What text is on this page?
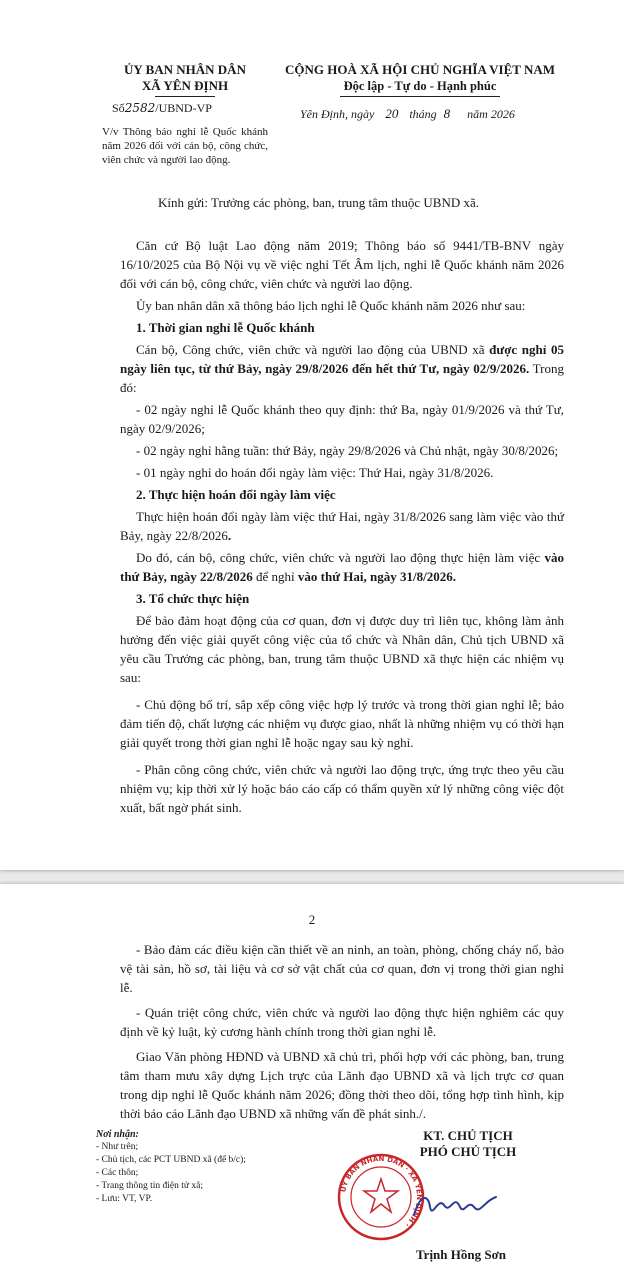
ỦY BAN NHÂN DÂN
XÃ YÊN ĐỊNH
CỘNG HOÀ XÃ HỘI CHỦ NGHĨA VIỆT NAM
Độc lập - Tự do - Hạnh phúc
Số2582/UBND-VP	Yên Định, ngày 20 tháng 8 năm 2026
V/v Thông báo nghỉ lễ Quốc khánh năm 2026 đối với cán bộ, công chức, viên chức và người lao động.
Kính gửi: Trưởng các phòng, ban, trung tâm thuộc UBND xã.

Căn cứ Bộ luật Lao động năm 2019; Thông báo số 9441/TB-BNV ngày 16/10/2025 của Bộ Nội vụ về việc nghỉ Tết Âm lịch, nghỉ lễ Quốc khánh năm 2026 đối với cán bộ, công chức, viên chức và người lao động.

Ủy ban nhân dân xã thông báo lịch nghỉ lễ Quốc khánh năm 2026 như sau:

1. Thời gian nghỉ lễ Quốc khánh

Cán bộ, Công chức, viên chức và người lao động của UBND xã được nghỉ 05 ngày liên tục, từ thứ Bảy, ngày 29/8/2026 đến hết thứ Tư, ngày 02/9/2026. Trong đó:

- 02 ngày nghỉ lễ Quốc khánh theo quy định: thứ Ba, ngày 01/9/2026 và thứ Tư, ngày 02/9/2026;

- 02 ngày nghỉ hằng tuần: thứ Bảy, ngày 29/8/2026 và Chủ nhật, ngày 30/8/2026;

- 01 ngày nghỉ do hoán đổi ngày làm việc: Thứ Hai, ngày 31/8/2026.

2. Thực hiện hoán đổi ngày làm việc

Thực hiện hoán đổi ngày làm việc thứ Hai, ngày 31/8/2026 sang làm việc vào thứ Bảy, ngày 22/8/2026.

Do đó, cán bộ, công chức, viên chức và người lao động thực hiện làm việc vào thứ Bảy, ngày 22/8/2026 để nghỉ vào thứ Hai, ngày 31/8/2026.

3. Tổ chức thực hiện

Để bảo đảm hoạt động của cơ quan, đơn vị được duy trì liên tục, không làm ảnh hưởng đến việc giải quyết công việc của tổ chức và Nhân dân, Chủ tịch UBND xã yêu cầu Trưởng các phòng, ban, trung tâm thuộc UBND xã thực hiện các nhiệm vụ sau:

- Chủ động bố trí, sắp xếp công việc hợp lý trước và trong thời gian nghỉ lễ; bảo đảm tiến độ, chất lượng các nhiệm vụ được giao, nhất là những nhiệm vụ có thời hạn giải quyết trong thời gian nghỉ lễ hoặc ngay sau kỳ nghỉ.

- Phân công công chức, viên chức và người lao động trực, ứng trực theo yêu cầu nhiệm vụ; kịp thời xử lý hoặc báo cáo cấp có thẩm quyền xử lý những công việc đột xuất, bất ngờ phát sinh.

2

- Bảo đảm các điều kiện cần thiết về an ninh, an toàn, phòng, chống cháy nổ, bảo vệ tài sản, hồ sơ, tài liệu và cơ sở vật chất của cơ quan, đơn vị trong thời gian nghỉ lễ.

- Quán triệt công chức, viên chức và người lao động thực hiện nghiêm các quy định về kỷ luật, kỷ cương hành chính trong thời gian nghỉ lễ.

Giao Văn phòng HĐND và UBND xã chủ trì, phối hợp với các phòng, ban, trung tâm tham mưu xây dựng Lịch trực của Lãnh đạo UBND xã và lịch trực cơ quan trong dịp nghỉ lễ Quốc khánh năm 2026; đồng thời theo dõi, tổng hợp tình hình, kịp thời báo cáo Lãnh đạo UBND xã những vấn đề phát sinh./.

Nơi nhận:
- Như trên;
- Chủ tịch, các PCT UBND xã (để b/c);
- Các thôn;
- Trang thông tin điện tử xã;
- Lưu: VT, VP.
KT. CHỦ TỊCH
PHÓ CHỦ TỊCH
UỶ BAN NHÂN DÂN · XÃ YÊN ĐỊNH ·
Trịnh Hồng Sơn
